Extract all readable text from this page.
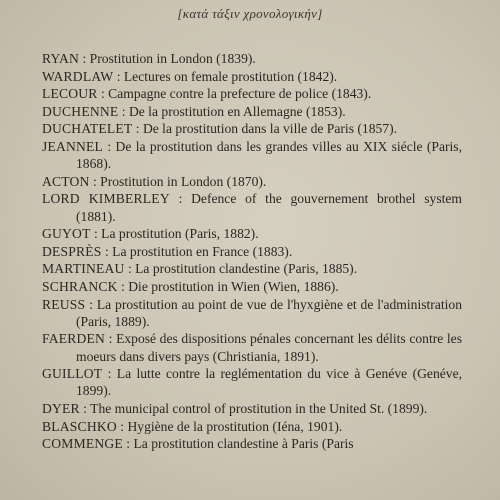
[κατά τάξιν χρονολογικήν]
RYAN : Prostitution in London (1839).
WARDLAW : Lectures on female prostitution (1842).
LECOUR : Campagne contre la prefecture de police (1843).
DUCHENNE : De la prostitution en Allemagne (1853).
DUCHATELET : De la prostitution dans la ville de Paris (1857).
JEANNEL : De la prostitution dans les grandes villes au XIX siécle (Paris, 1868).
ACTON : Prostitution in London (1870).
LORD KIMBERLEY : Defence of the gouvernement brothel system (1881).
GUYOT : La prostitution (Paris, 1882).
DESPRÈS : La prostitution en France (1883).
MARTINEAU : La prostitution clandestine (Paris, 1885).
SCHRANCK : Die prostitution in Wien (Wien, 1886).
REUSS : La prostitution au point de vue de l'hyxgiène et de l'administration (Paris, 1889).
FAERDEN : Exposé des dispositions pénales concernant les délits contre les moeurs dans divers pays (Christiania, 1891).
GUILLOT : La lutte contre la reglémentation du vice à Genéve (Genéve, 1899).
DYER : The municipal control of prostitution in the United St. (1899).
BLASCHKO : Hygiène de la prostitution (Iéna, 1901).
COMMENGE : La prostitution clandestine à Paris (Paris
